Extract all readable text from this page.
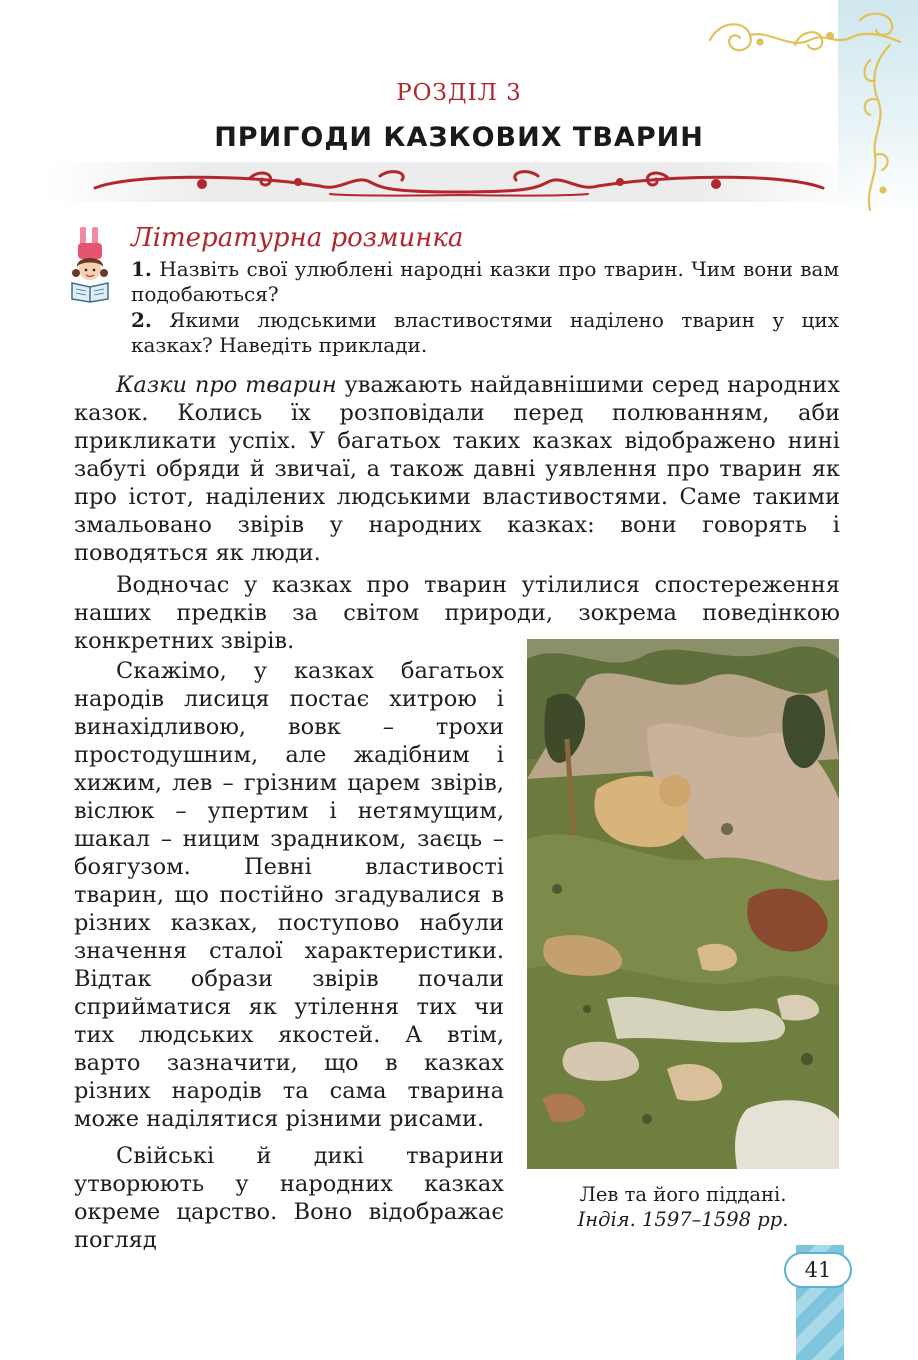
РОЗДІЛ 3
ПРИГОДИ КАЗКОВИХ ТВАРИН
Літературна розминка

1. Назвіть свої улюблені народні казки про тварин. Чим вони вам подобаються?

2. Якими людськими властивостями наділено тварин у цих казках? Наведіть приклади.

Казки про тварин уважають найдавнішими серед народних казок. Колись їх розповідали перед полюванням, аби прикликати успіх. У багатьох таких казках відображено нині забуті обряди й звичаї, а також давні уявлення про тварин як про істот, наділених людськими властивостями. Саме такими змальовано звірів у народних казках: вони говорять і поводяться як люди.

Водночас у казках про тварин утілилися спостереження наших предків за світом природи, зокрема поведінкою конкретних звірів.

Скажімо, у казках багатьох народів лисиця постає хитрою і винахідливою, вовк – трохи простодушним, але жадібним і хижим, лев – грізним царем звірів, віслюк – упертим і нетямущим, шакал – ницим зрадником, заєць – боягузом. Певні властивості тварин, що постійно згадувалися в різних казках, поступово набули значення сталої характеристики. Відтак образи звірів почали сприйматися як утілення тих чи тих людських якостей. А втім, варто зазначити, що в казках різних народів та сама тварина може наділятися різними рисами.

Свійські й дикі тварини утворюють у народних казках окреме царство. Воно відображає погляд

Лев та його піддані.
Індія. 1597–1598 рр.
41
